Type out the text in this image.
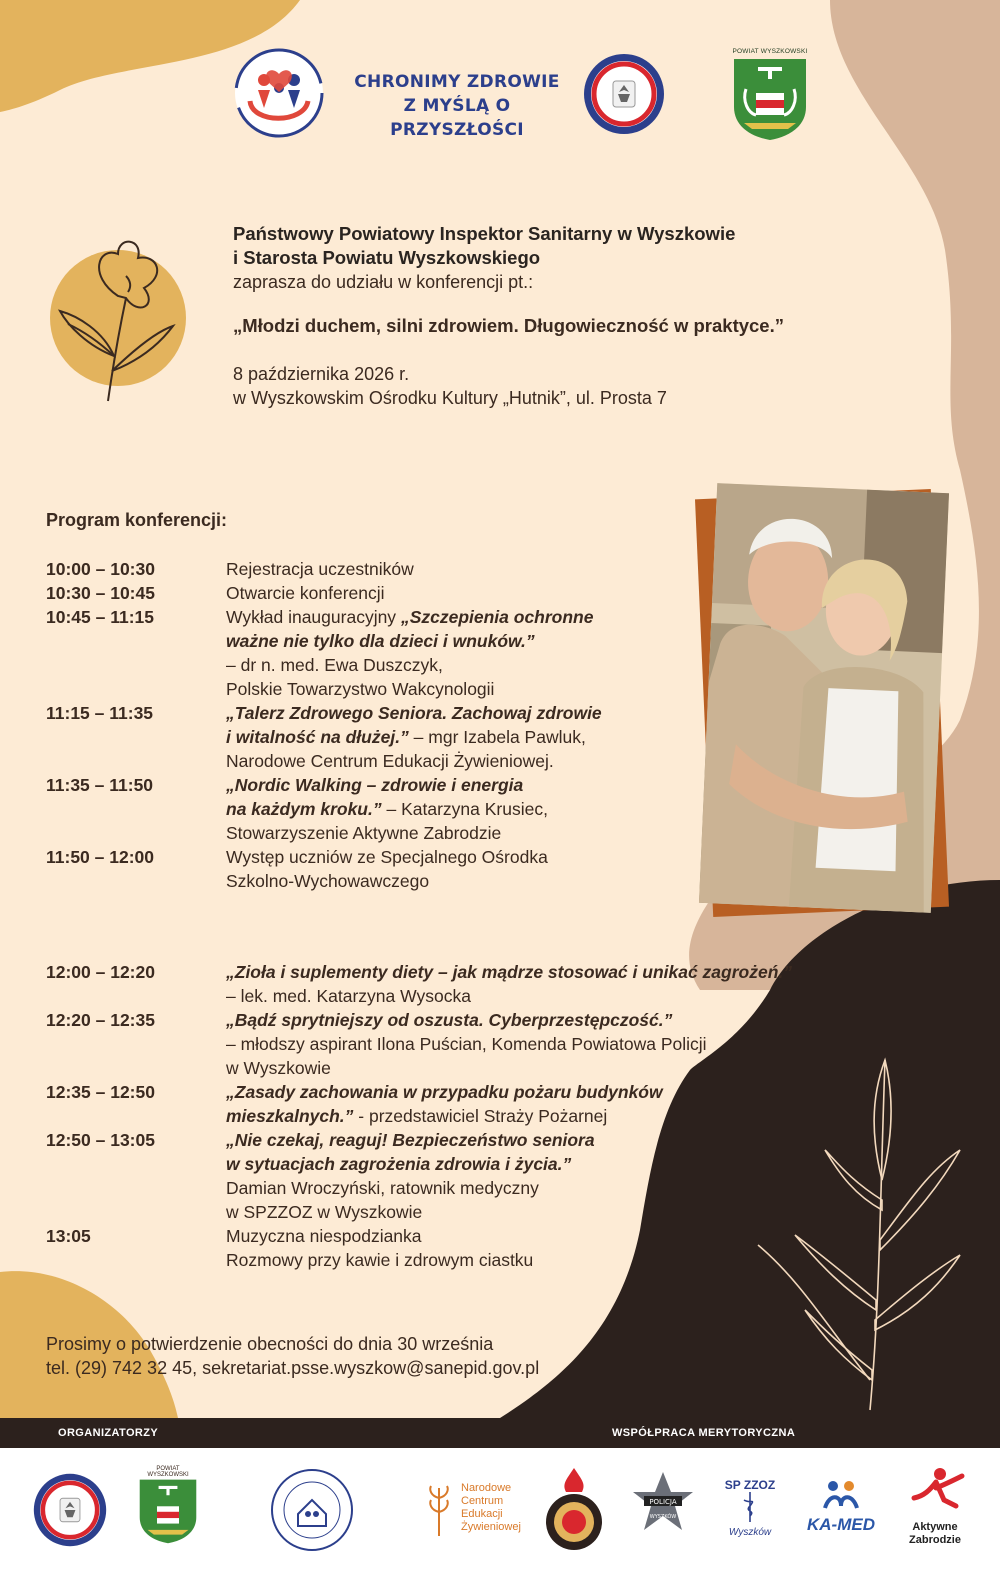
CHRONIMY ZDROWIE
Z MYŚLĄ O PRZYSZŁOŚCI
POWIAT WYSZKOWSKI
Państwowy Powiatowy Inspektor Sanitarny w Wyszkowie
i Starosta Powiatu Wyszkowskiego
zaprasza do udziału w konferencji pt.:
„Młodzi duchem, silni zdrowiem. Długowieczność w praktyce.”
8 października 2026 r.
w Wyszkowskim Ośrodku Kultury „Hutnik”, ul. Prosta 7
Program konferencji:
10:00 – 10:30	Rejestracja uczestników
10:30 – 10:45	Otwarcie konferencji
10:45 – 11:15	Wykład inauguracyjny „Szczepienia ochronne
ważne nie tylko dla dzieci i wnuków.”
– dr n. med. Ewa Duszczyk,
Polskie Towarzystwo Wakcynologii
11:15 – 11:35	„Talerz Zdrowego Seniora. Zachowaj zdrowie
i witalność na dłużej.” – mgr Izabela Pawluk,
Narodowe Centrum Edukacji Żywieniowej.
11:35 – 11:50	„Nordic Walking – zdrowie i energia
na każdym kroku.” – Katarzyna Krusiec,
Stowarzyszenie Aktywne Zabrodzie
11:50 – 12:00	Występ uczniów ze Specjalnego Ośrodka
Szkolno-Wychowawczego
12:00 – 12:20	„Zioła i suplementy diety – jak mądrze stosować i unikać zagrożeń.”
– lek. med. Katarzyna Wysocka
12:20 – 12:35	„Bądź sprytniejszy od oszusta. Cyberprzestępczość.”
– młodszy aspirant Ilona Puścian, Komenda Powiatowa Policji
w Wyszkowie
12:35 – 12:50	„Zasady zachowania w przypadku pożaru budynków
mieszkalnych.” - przedstawiciel Straży Pożarnej
12:50 – 13:05	„Nie czekaj, reaguj! Bezpieczeństwo seniora
w sytuacjach zagrożenia zdrowia i życia.”
Damian Wroczyński, ratownik medyczny
w SPZZOZ w Wyszkowie
13:05	Muzyczna niespodzianka
Rozmowy przy kawie i zdrowym ciastku
Prosimy o potwierdzenie obecności do dnia 30 września
tel. (29) 742 32 45, sekretariat.psse.wyszkow@sanepid.gov.pl
ORGANIZATORZY	WSPÓŁPRACA MERYTORYCZNA
POWIAT WYSZKOWSKI
Narodowe
Centrum
Edukacji
Żywieniowej
POLICJA
WYSZKÓW
SP ZZOZ
Wyszków	KA-MED	Aktywne
Zabrodzie
